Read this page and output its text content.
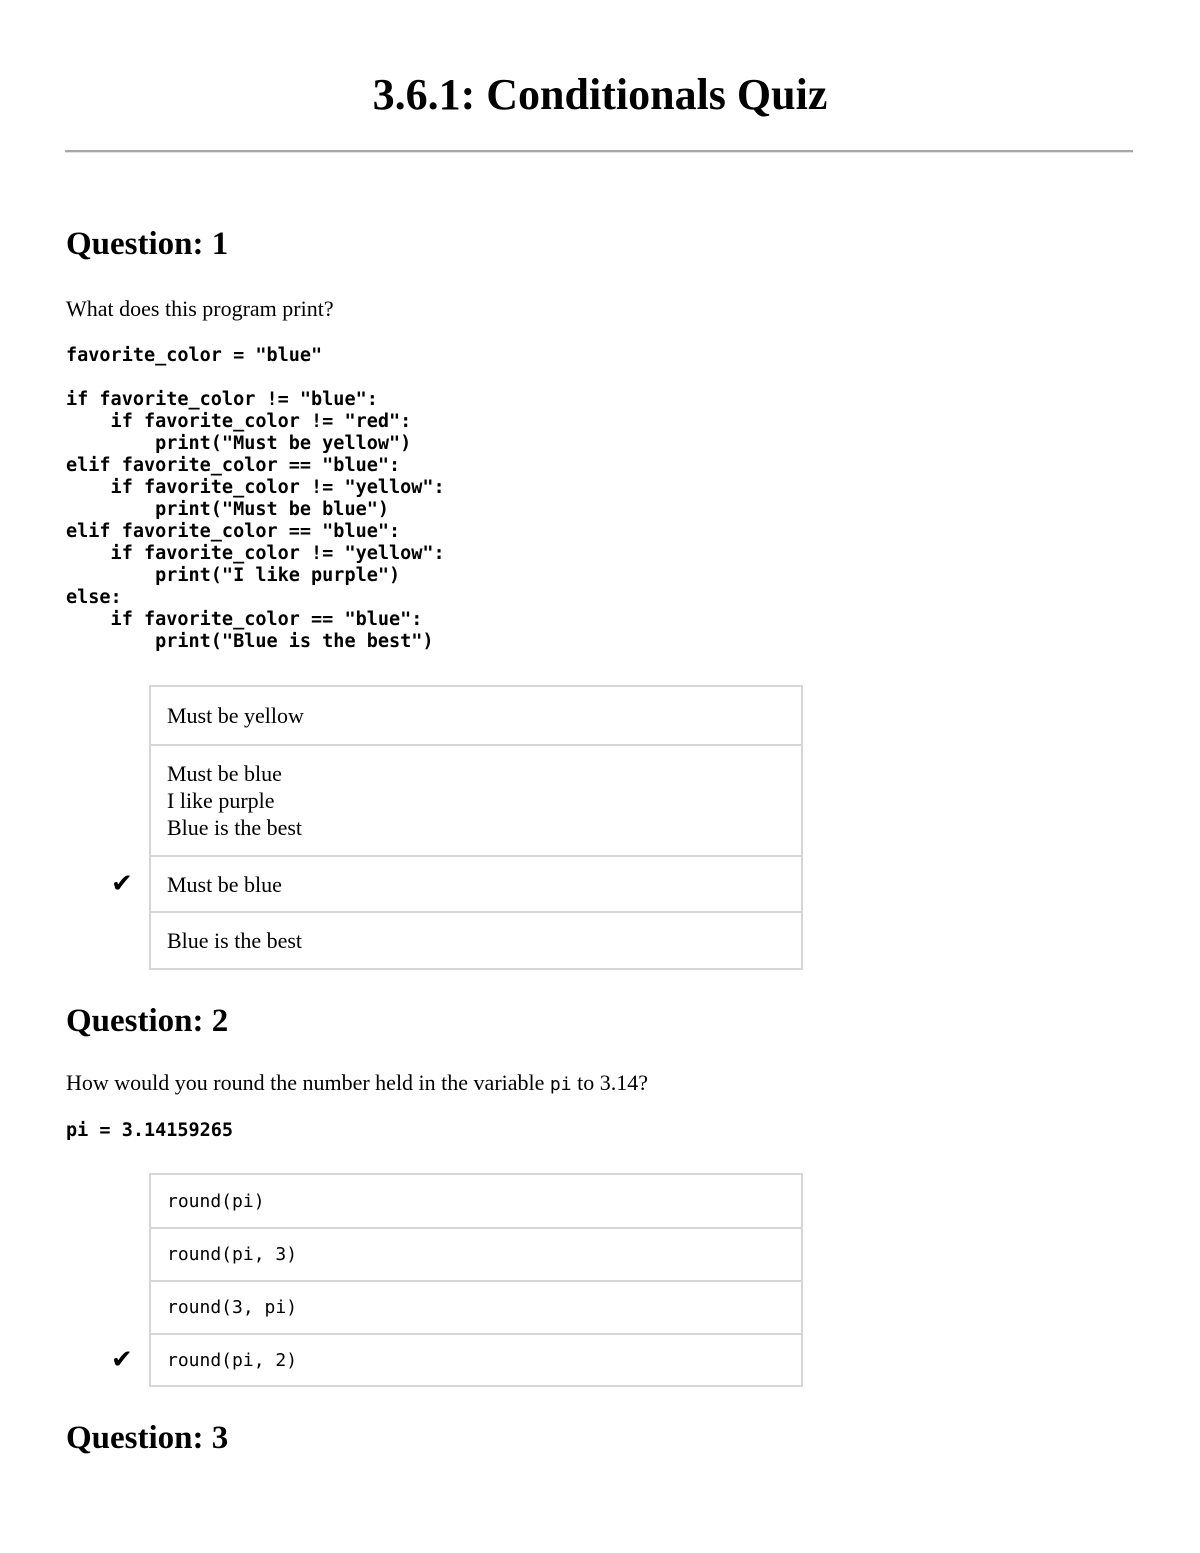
3.6.1: Conditionals Quiz
Question: 1

What does this program print?

favorite_color = "blue"

if favorite_color != "blue":
if favorite_color != "red":
print("Must be yellow")
elif favorite_color == "blue":
if favorite_color != "yellow":
print("Must be blue")
elif favorite_color == "blue":
if favorite_color != "yellow":
print("I like purple")
else:
if favorite_color == "blue":
print("Blue is the best")
Must be yellow
Must be blue
I like purple
Blue is the best
✔ Must be blue
Blue is the best
Question: 2

How would you round the number held in the variable pi to 3.14?

pi = 3.14159265
round(pi)
round(pi, 3)
round(3, pi)
✔ round(pi, 2)
Question: 3
